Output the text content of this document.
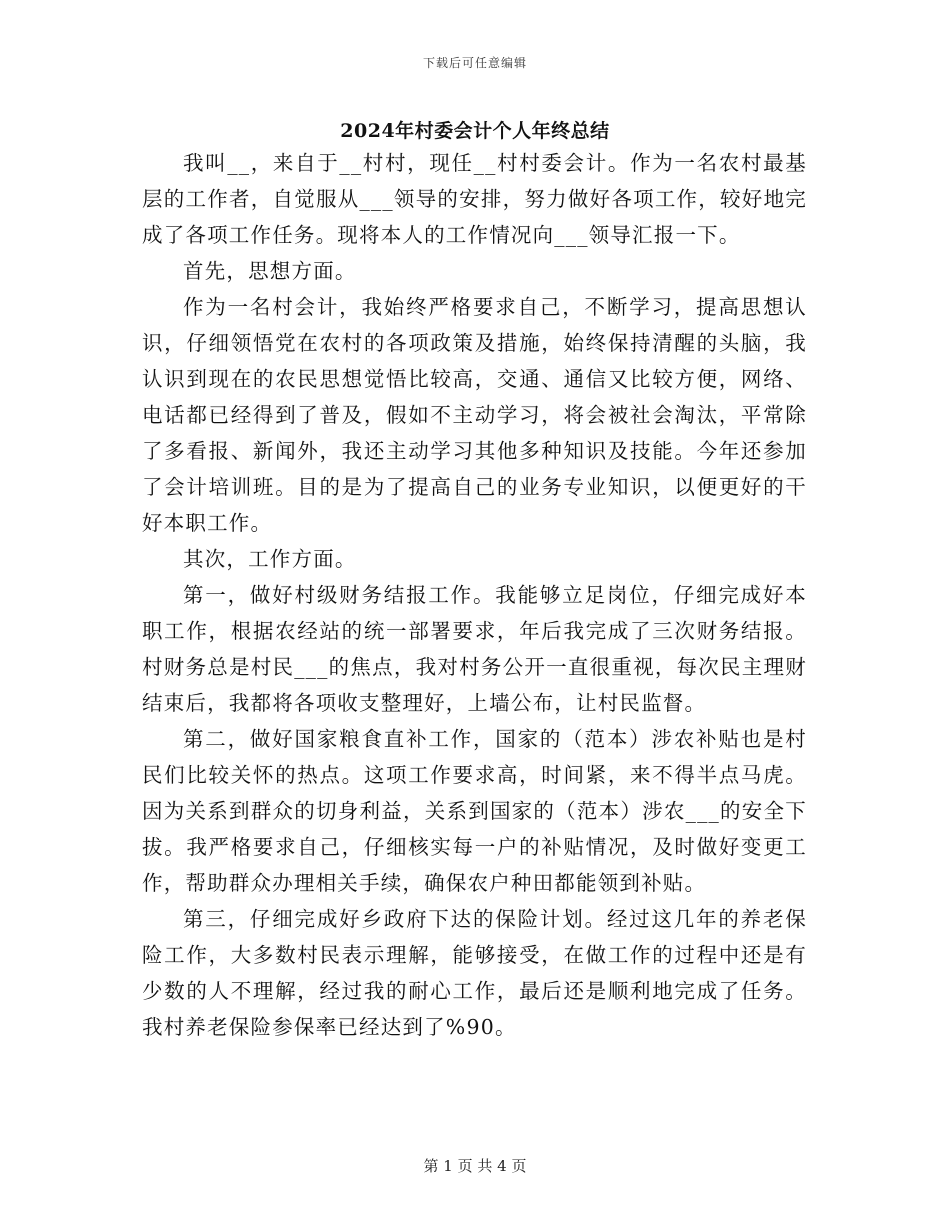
下载后可任意编辑
2024年村委会计个人年终总结

我叫__，来自于__村村，现任__村村委会计。作为一名农村最基层的工作者，自觉服从___领导的安排，努力做好各项工作，较好地完成了各项工作任务。现将本人的工作情况向___领导汇报一下。

首先，思想方面。

作为一名村会计，我始终严格要求自己，不断学习，提高思想认识，仔细领悟党在农村的各项政策及措施，始终保持清醒的头脑，我认识到现在的农民思想觉悟比较高，交通、通信又比较方便，网络、电话都已经得到了普及，假如不主动学习，将会被社会淘汰，平常除了多看报、新闻外，我还主动学习其他多种知识及技能。今年还参加了会计培训班。目的是为了提高自己的业务专业知识，以便更好的干好本职工作。

其次，工作方面。

第一，做好村级财务结报工作。我能够立足岗位，仔细完成好本职工作，根据农经站的统一部署要求，年后我完成了三次财务结报。村财务总是村民___的焦点，我对村务公开一直很重视，每次民主理财结束后，我都将各项收支整理好，上墙公布，让村民监督。

第二，做好国家粮食直补工作，国家的（范本）涉农补贴也是村民们比较关怀的热点。这项工作要求高，时间紧，来不得半点马虎。因为关系到群众的切身利益，关系到国家的（范本）涉农___的安全下拔。我严格要求自己，仔细核实每一户的补贴情况，及时做好变更工作，帮助群众办理相关手续，确保农户种田都能领到补贴。

第三，仔细完成好乡政府下达的保险计划。经过这几年的养老保险工作，大多数村民表示理解，能够接受，在做工作的过程中还是有少数的人不理解，经过我的耐心工作，最后还是顺利地完成了任务。我村养老保险参保率已经达到了%90。

第 1 页 共 4 页
